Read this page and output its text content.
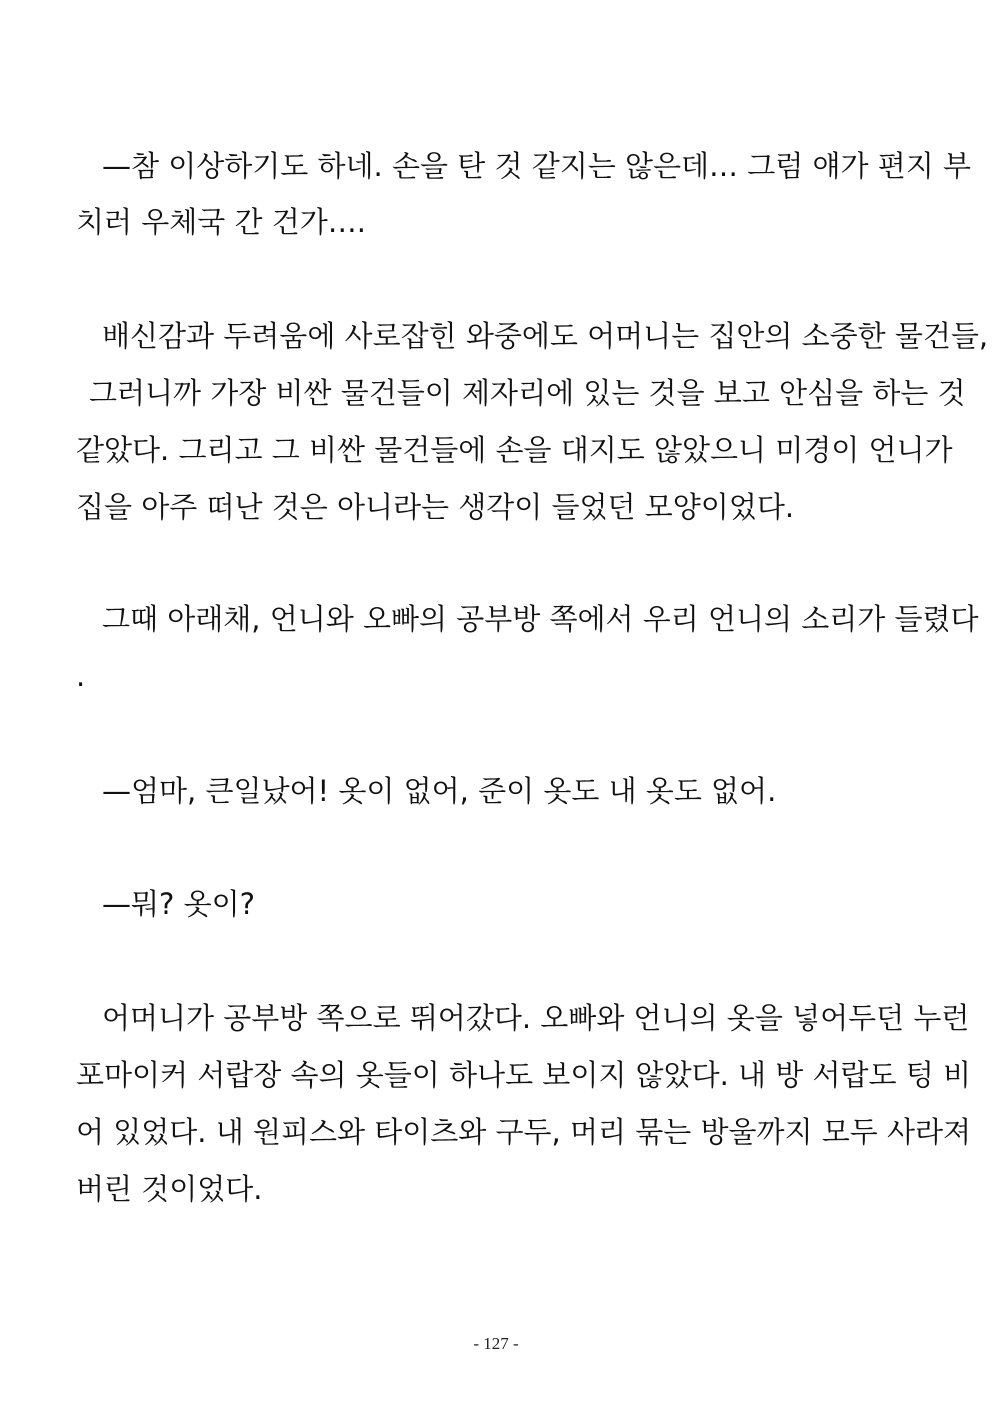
—참 이상하기도 하네. 손을 탄 것 같지는 않은데… 그럼 얘가 편지 부
치러 우체국 간 건가….
배신감과 두려움에 사로잡힌 와중에도 어머니는 집안의 소중한 물건들,
그러니까 가장 비싼 물건들이 제자리에 있는 것을 보고 안심을 하는 것
같았다. 그리고 그 비싼 물건들에 손을 대지도 않았으니 미경이 언니가
집을 아주 떠난 것은 아니라는 생각이 들었던 모양이었다.
그때 아래채, 언니와 오빠의 공부방 쪽에서 우리 언니의 소리가 들렸다
.
—엄마, 큰일났어! 옷이 없어, 준이 옷도 내 옷도 없어.
—뭐? 옷이?
어머니가 공부방 쪽으로 뛰어갔다. 오빠와 언니의 옷을 넣어두던 누런
포마이커 서랍장 속의 옷들이 하나도 보이지 않았다. 내 방 서랍도 텅 비
어 있었다. 내 원피스와 타이츠와 구두, 머리 묶는 방울까지 모두 사라져
버린 것이었다.
- 127 -
